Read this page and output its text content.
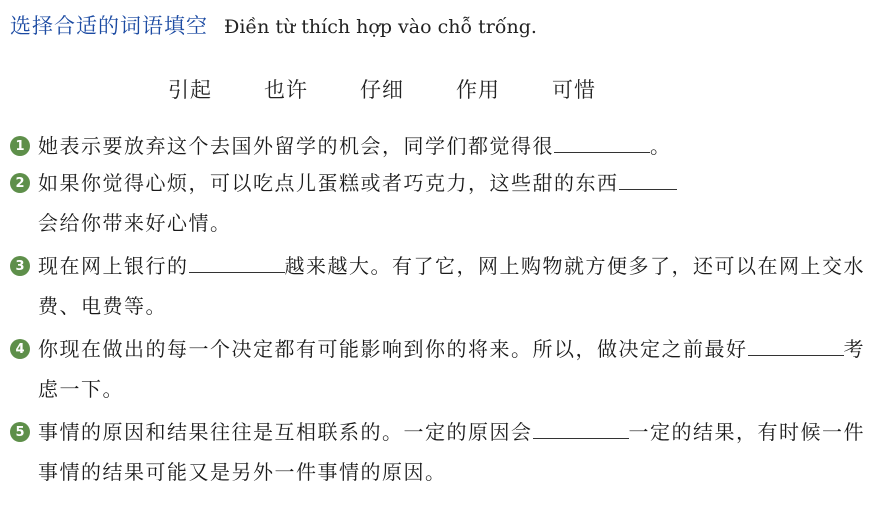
选择合适的词语填空 Điền từ thích hợp vào chỗ trống.
引起 也许 仔细 作用 可惜
1 她表示要放弃这个去国外留学的机会，同学们都觉得很	。
2 如果你觉得心烦，可以吃点儿蛋糕或者巧克力，这些甜的东西
会给你带来好心情。
3 现在网上银行的	越来越大。有了它，网上购物就方便多了，还可以在网上交水费、电费等。
4 你现在做出的每一个决定都有可能影响到你的将来。所以，做决定之前最好	考虑一下。
5 事情的原因和结果往往是互相联系的。一定的原因会	一定的结果，有时候一件事情的结果可能又是另外一件事情的原因。
